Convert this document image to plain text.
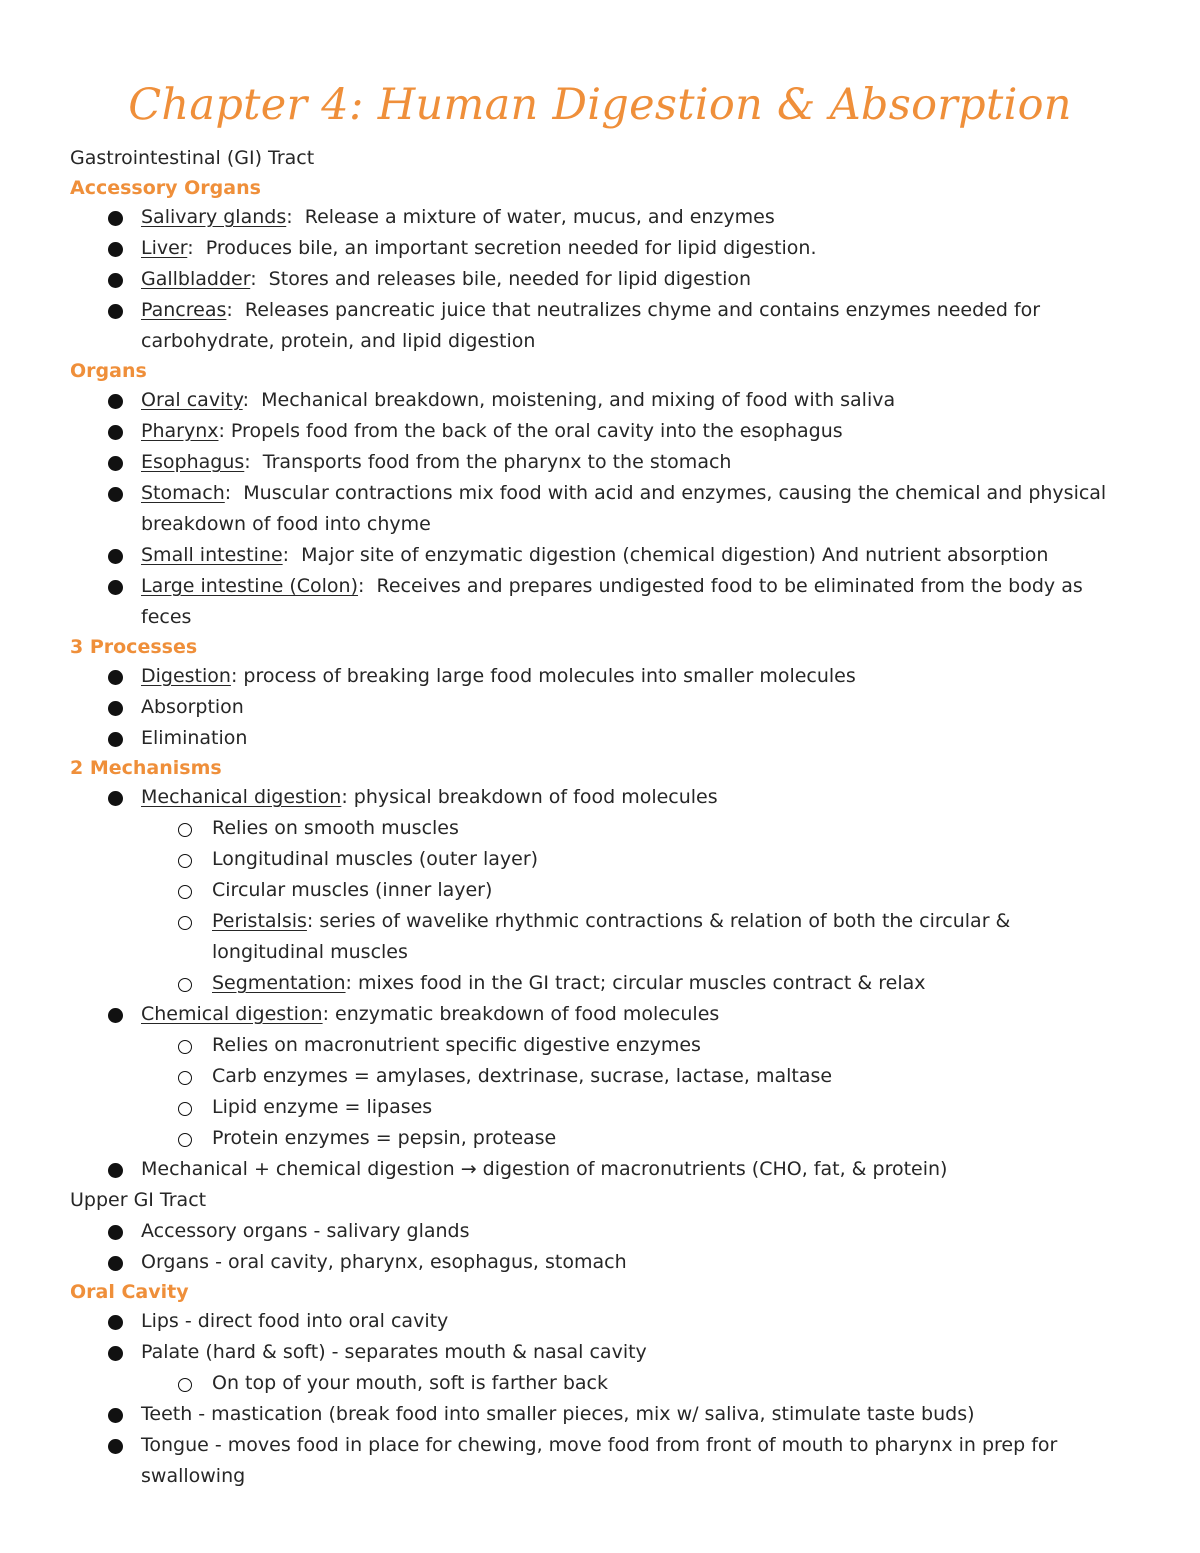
Chapter 4: Human Digestion & Absorption
Gastrointestinal (GI) Tract
Accessory Organs
Salivary glands:  Release a mixture of water, mucus, and enzymes
Liver:  Produces bile, an important secretion needed for lipid digestion.
Gallbladder:  Stores and releases bile, needed for lipid digestion
Pancreas:  Releases pancreatic juice that neutralizes chyme and contains enzymes needed for
carbohydrate, protein, and lipid digestion
Organs
Oral cavity:  Mechanical breakdown, moistening, and mixing of food with saliva
Pharynx: Propels food from the back of the oral cavity into the esophagus
Esophagus:  Transports food from the pharynx to the stomach
Stomach:  Muscular contractions mix food with acid and enzymes, causing the chemical and physical
breakdown of food into chyme
Small intestine:  Major site of enzymatic digestion (chemical digestion) And nutrient absorption
Large intestine (Colon):  Receives and prepares undigested food to be eliminated from the body as
feces
3 Processes
Digestion: process of breaking large food molecules into smaller molecules
Absorption
Elimination
2 Mechanisms
Mechanical digestion: physical breakdown of food molecules
Relies on smooth muscles
Longitudinal muscles (outer layer)
Circular muscles (inner layer)
Peristalsis: series of wavelike rhythmic contractions & relation of both the circular &
longitudinal muscles
Segmentation: mixes food in the GI tract; circular muscles contract & relax
Chemical digestion: enzymatic breakdown of food molecules
Relies on macronutrient specific digestive enzymes
Carb enzymes = amylases, dextrinase, sucrase, lactase, maltase
Lipid enzyme = lipases
Protein enzymes = pepsin, protease
Mechanical + chemical digestion → digestion of macronutrients (CHO, fat, & protein)
Upper GI Tract
Accessory organs - salivary glands
Organs - oral cavity, pharynx, esophagus, stomach
Oral Cavity
Lips - direct food into oral cavity
Palate (hard & soft) - separates mouth & nasal cavity
On top of your mouth, soft is farther back
Teeth - mastication (break food into smaller pieces, mix w/ saliva, stimulate taste buds)
Tongue - moves food in place for chewing, move food from front of mouth to pharynx in prep for
swallowing
